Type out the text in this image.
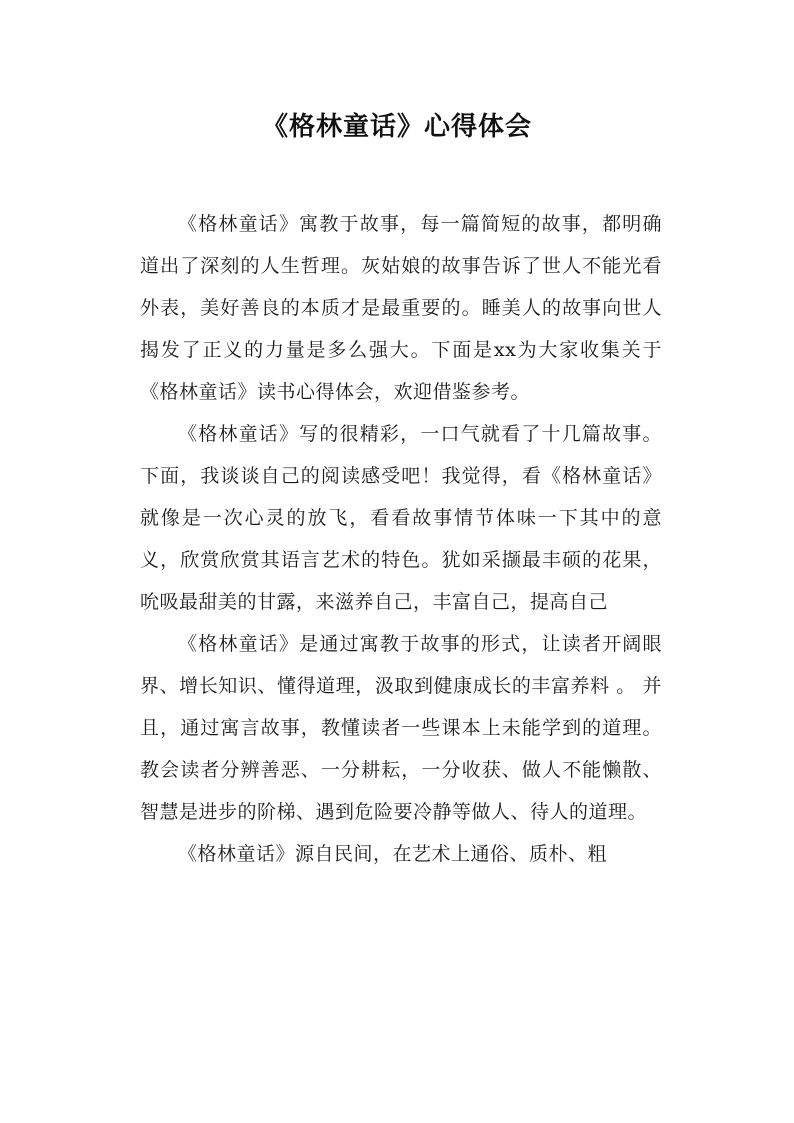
《格林童话》心得体会

《格林童话》寓教于故事，每一篇简短的故事，都明确道出了深刻的人生哲理。灰姑娘的故事告诉了世人不能光看外表，美好善良的本质才是最重要的。睡美人的故事向世人揭发了正义的力量是多么强大。下面是xx为大家收集关于《格林童话》读书心得体会，欢迎借鉴参考。

《格林童话》写的很精彩，一口气就看了十几篇故事。下面，我谈谈自己的阅读感受吧！我觉得，看《格林童话》就像是一次心灵的放飞，看看故事情节体味一下其中的意义，欣赏欣赏其语言艺术的特色。犹如采撷最丰硕的花果，吮吸最甜美的甘露，来滋养自己，丰富自己，提高自己

《格林童话》是通过寓教于故事的形式，让读者开阔眼界、增长知识、懂得道理，汲取到健康成长的丰富养料 。 并且，通过寓言故事，教懂读者一些课本上未能学到的道理。教会读者分辨善恶、一分耕耘，一分收获、做人不能懒散、智慧是进步的阶梯、遇到危险要冷静等做人、待人的道理。

《格林童话》源自民间，在艺术上通俗、质朴、粗
